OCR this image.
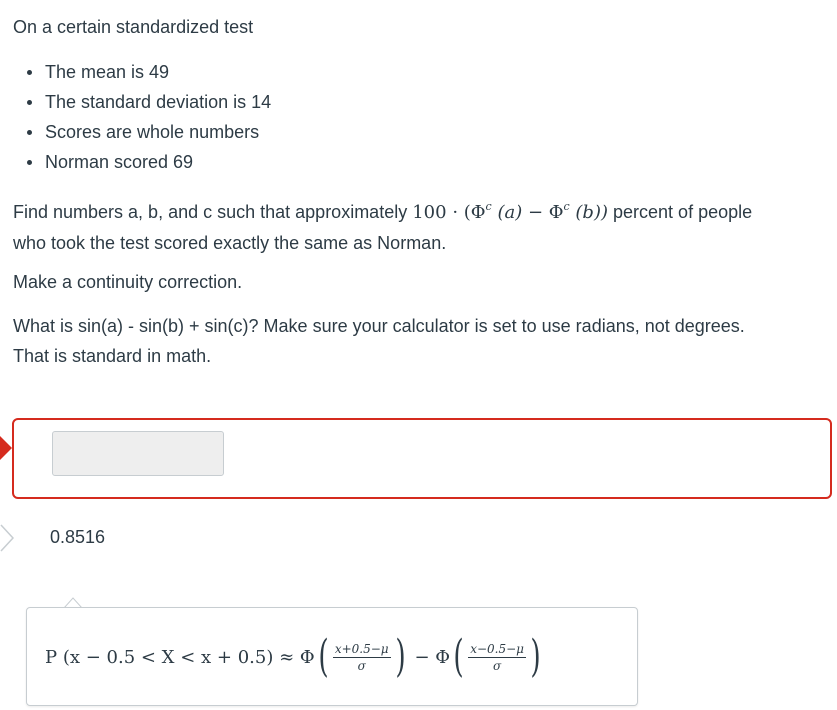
On a certain standardized test

The mean is 49
The standard deviation is 14
Scores are whole numbers
Norman scored 69

Find numbers a, b, and c such that approximately $100 \cdot (\Phi^c$ $(a) - \Phi^c$ (b)) percent of people
who took the test scored exactly the same as Norman.

Make a continuity correction.

What is sin(a) - sin(b) + sin(c)? Make sure your calculator is set to use radians, not degrees.
That is standard in math.

0.8516
P (x − 0.5 < X < x + 0.5) ≈ Φ ( $\frac{x+0.5-\mu}{\sigma}$ ) − Φ ( $\frac{x-0.5-\mu}{\sigma}$ )
